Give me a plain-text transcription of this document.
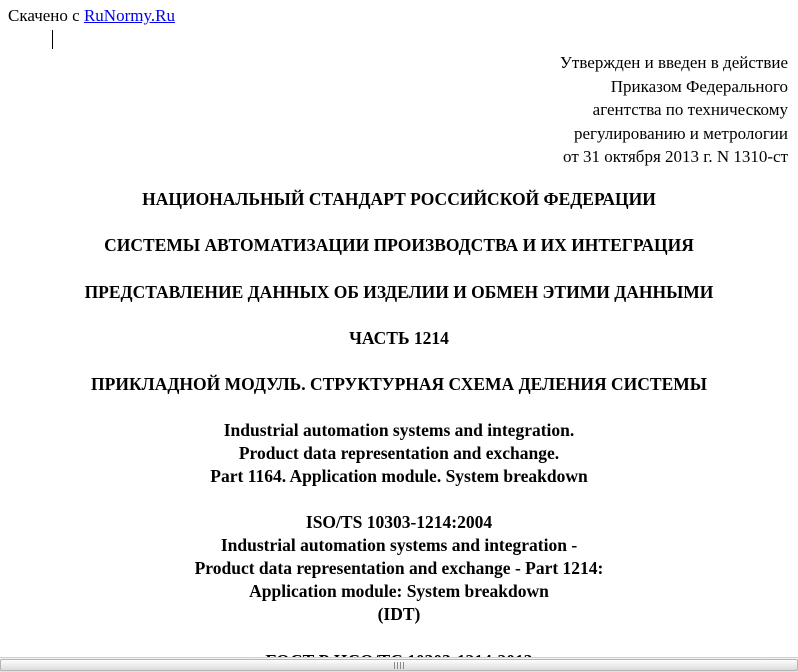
Скачено с RuNormy.Ru
Утвержден и введен в действие
Приказом Федерального
агентства по техническому
регулированию и метрологии
от 31 октября 2013 г. N 1310-ст
НАЦИОНАЛЬНЫЙ СТАНДАРТ РОССИЙСКОЙ ФЕДЕРАЦИИ
СИСТЕМЫ АВТОМАТИЗАЦИИ ПРОИЗВОДСТВА И ИХ ИНТЕГРАЦИЯ
ПРЕДСТАВЛЕНИЕ ДАННЫХ ОБ ИЗДЕЛИИ И ОБМЕН ЭТИМИ ДАННЫМИ
ЧАСТЬ 1214
ПРИКЛАДНОЙ МОДУЛЬ. СТРУКТУРНАЯ СХЕМА ДЕЛЕНИЯ СИСТЕМЫ
Industrial automation systems and integration.
Product data representation and exchange.
Part 1164. Application module. System breakdown
ISO/TS 10303-1214:2004
Industrial automation systems and integration -
Product data representation and exchange - Part 1214:
Application module: System breakdown
(IDT)
